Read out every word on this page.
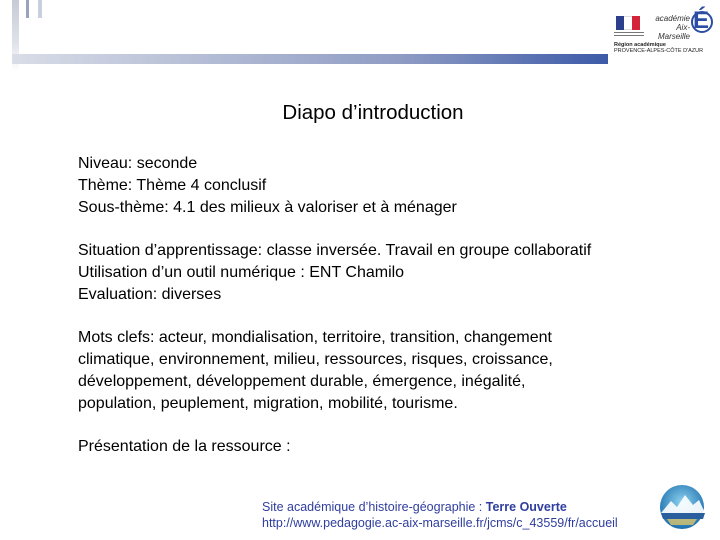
académie
Aix-Marseille
É
Région académique
PROVENCE-ALPES-CÔTE D'AZUR
Diapo d’introduction

Niveau: seconde
Thème: Thème 4 conclusif
Sous-thème: 4.1 des milieux à valoriser et à ménager

Situation d’apprentissage: classe inversée. Travail en groupe collaboratif
Utilisation d’un outil numérique : ENT Chamilo
Evaluation: diverses

Mots clefs: acteur, mondialisation, territoire, transition, changement
climatique, environnement, milieu, ressources, risques, croissance,
développement, développement durable, émergence, inégalité,
population, peuplement, migration, mobilité, tourisme.

Présentation de la ressource :

Site académique d’histoire-géographie : Terre Ouverte
http://www.pedagogie.ac-aix-marseille.fr/jcms/c_43559/fr/accueil
